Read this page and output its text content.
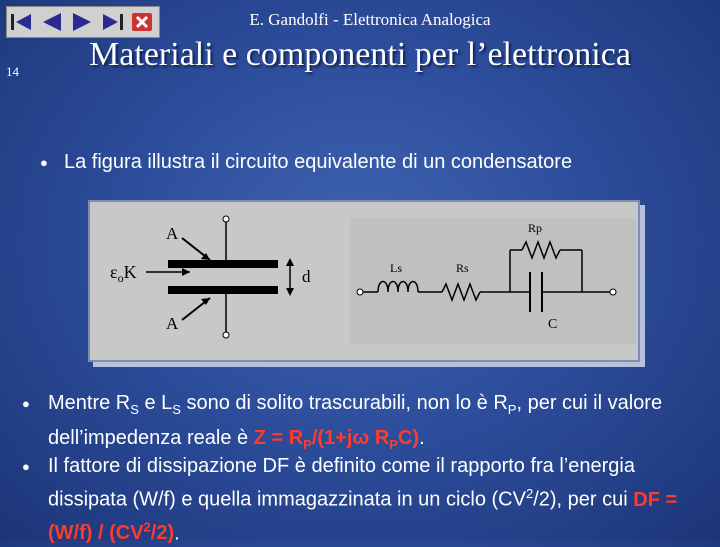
E. Gandolfi - Elettronica Analogica
14	Materiali e componenti per l’elettronica
● La figura illustra il circuito equivalente di un condensatore
A
A
$\varepsilon_oK$	d	Ls	Rs
Rp
C
● Mentre $R_S$ e $L_S$ sono di solito trascurabili, non lo è $R_P$, per cui il valore dell’impedenza reale è $Z = R_P/(1+j\omega$ $R_PC$).
● Il fattore di dissipazione DF è definito come il rapporto fra l’energia dissipata (W/f) e quella immagazzinata in un ciclo $(CV^2/2)$, per cui DF = $(W/f) / (CV^2/2)$.
